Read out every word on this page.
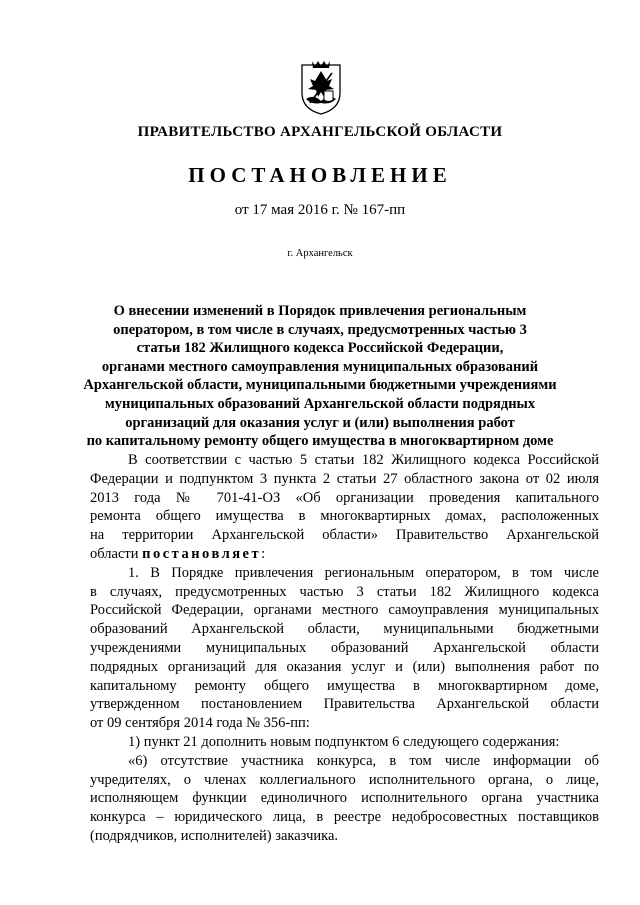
ПРАВИТЕЛЬСТВО АРХАНГЕЛЬСКОЙ ОБЛАСТИ
ПОСТАНОВЛЕНИЕ
от 17 мая 2016 г. № 167-пп
г. Архангельск
О внесении изменений в Порядок привлечения региональным
оператором, в том числе в случаях, предусмотренных частью 3
статьи 182 Жилищного кодекса Российской Федерации,
органами местного самоуправления муниципальных образований
Архангельской области, муниципальными бюджетными учреждениями
муниципальных образований Архангельской области подрядных
организаций для оказания услуг и (или) выполнения работ
по капитальному ремонту общего имущества в многоквартирном доме
В соответствии с частью 5 статьи 182 Жилищного кодекса Российской
Федерации и подпунктом 3 пункта 2 статьи 27 областного закона от 02 июля
2013 года № 701-41-ОЗ «Об организации проведения капитального
ремонта общего имущества в многоквартирных домах, расположенных
на территории Архангельской области» Правительство Архангельской
области постановляет:
1. В Порядке привлечения региональным оператором, в том числе
в случаях, предусмотренных частью 3 статьи 182 Жилищного кодекса
Российской Федерации, органами местного самоуправления муниципальных
образований Архангельской области, муниципальными бюджетными
учреждениями муниципальных образований Архангельской области
подрядных организаций для оказания услуг и (или) выполнения работ по
капитальному ремонту общего имущества в многоквартирном доме,
утвержденном постановлением Правительства Архангельской области
от 09 сентября 2014 года № 356-пп:
1) пункт 21 дополнить новым подпунктом 6 следующего содержания:
«6) отсутствие участника конкурса, в том числе информации об
учредителях, о членах коллегиального исполнительного органа, о лице,
исполняющем функции единоличного исполнительного органа участника
конкурса – юридического лица, в реестре недобросовестных поставщиков
(подрядчиков, исполнителей) заказчика.
